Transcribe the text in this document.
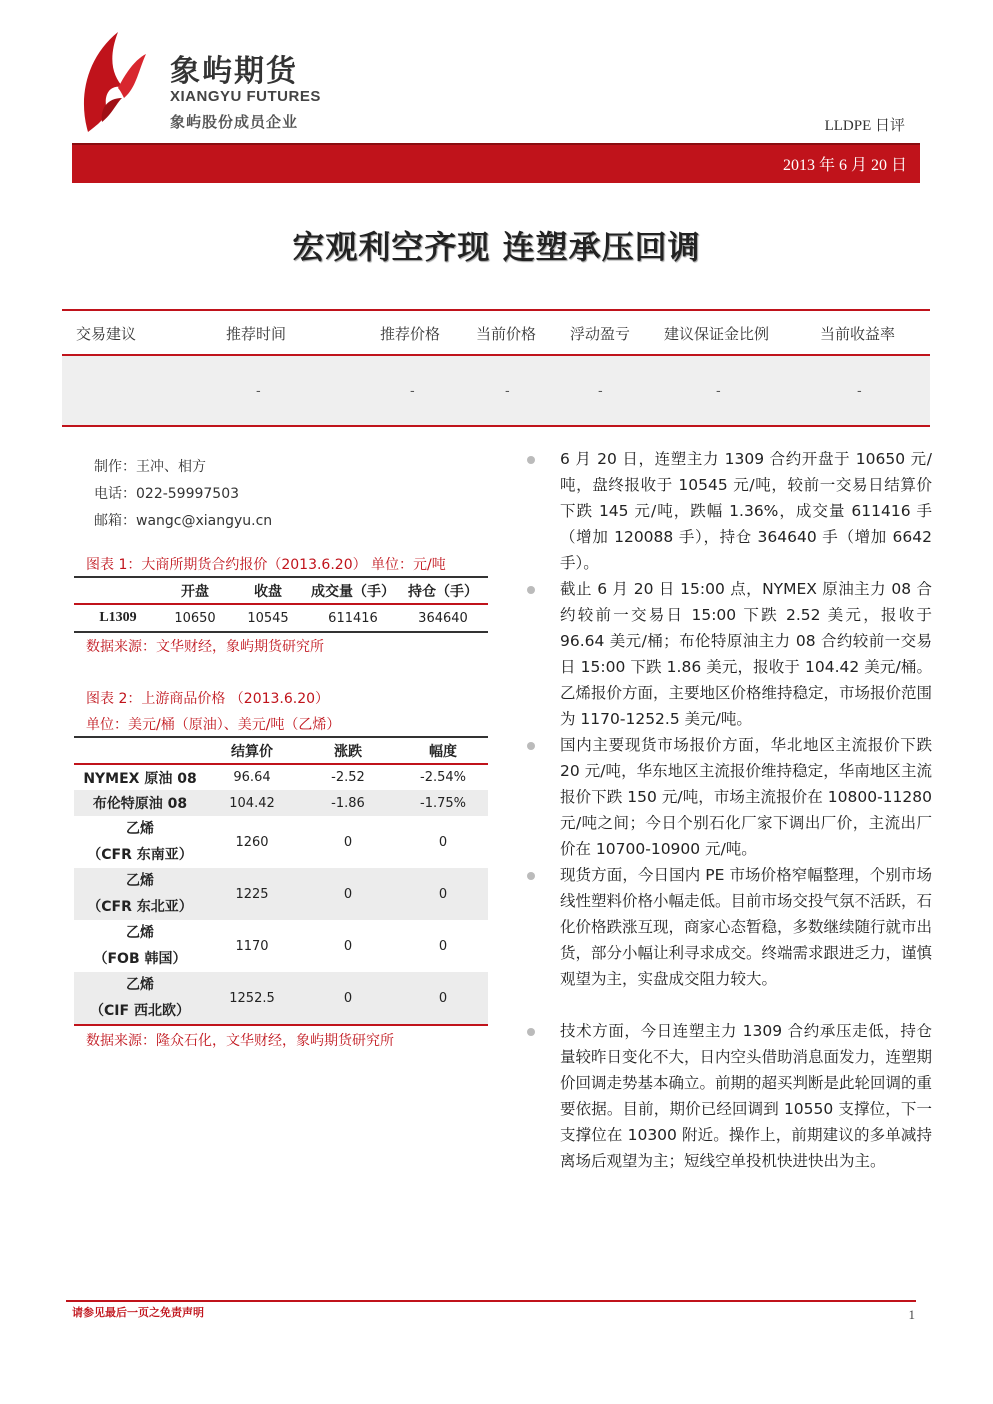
象屿期货
XIANGYU FUTURES
象屿股份成员企业	LLDPE 日评
2013 年 6 月 20 日
宏观利空齐现 连塑承压回调
交易建议	推荐时间	推荐价格 当前价格 浮动盈亏 建议保证金比例	当前收益率
-	-	-	-	-	-
制作：王冲、相方
电话：022-59997503
邮箱：wangc@xiangyu.cn
图表 1：大商所期货合约报价（2013.6.20） 单位：元/吨
	开盘	收盘	成交量（手）	持仓（手）
L1309	10650	10545	611416	364640
数据来源：文华财经，象屿期货研究所
图表 2：上游商品价格 （2013.6.20）
单位：美元/桶（原油）、美元/吨（乙烯）
	结算价	涨跌	幅度
NYMEX 原油 08	96.64	-2.52	-2.54%
布伦特原油 08	104.42	-1.86	-1.75%

乙烯
（CFR 东南亚）	1260	0	0

乙烯
（CFR 东北亚）	1225	0	0

乙烯
（FOB 韩国）	1170	0	0

乙烯
（CIF 西北欧）	1252.5	0	0
数据来源：隆众石化，文华财经，象屿期货研究所
6 月 20 日，连塑主力 1309 合约开盘于 10650 元/吨，盘终报收于 10545 元/吨，较前一交易日结算价下跌 145 元/吨，跌幅 1.36%，成交量 611416 手（增加 120088 手），持仓 364640 手（增加 6642 手）。
截止 6 月 20 日 15:00 点，NYMEX 原油主力 08 合约较前一交易日 15:00 下跌 2.52 美元，报收于 96.64 美元/桶；布伦特原油主力 08 合约较前一交易日 15:00 下跌 1.86 美元，报收于 104.42 美元/桶。乙烯报价方面，主要地区价格维持稳定，市场报价范围为 1170-1252.5 美元/吨。
国内主要现货市场报价方面，华北地区主流报价下跌 20 元/吨，华东地区主流报价维持稳定，华南地区主流报价下跌 150 元/吨，市场主流报价在 10800-11280 元/吨之间；今日个别石化厂家下调出厂价，主流出厂价在 10700-10900 元/吨。
现货方面，今日国内 PE 市场价格窄幅整理，个别市场线性塑料价格小幅走低。目前市场交投气氛不活跃，石化价格跌涨互现，商家心态暂稳，多数继续随行就市出货，部分小幅让利寻求成交。终端需求跟进乏力，谨慎观望为主，实盘成交阻力较大。
技术方面，今日连塑主力 1309 合约承压走低，持仓量较昨日变化不大，日内空头借助消息面发力，连塑期价回调走势基本确立。前期的超买判断是此轮回调的重要依据。目前，期价已经回调到 10550 支撑位，下一支撑位在 10300 附近。操作上，前期建议的多单减持离场后观望为主；短线空单投机快进快出为主。
请参见最后一页之免责声明	1
